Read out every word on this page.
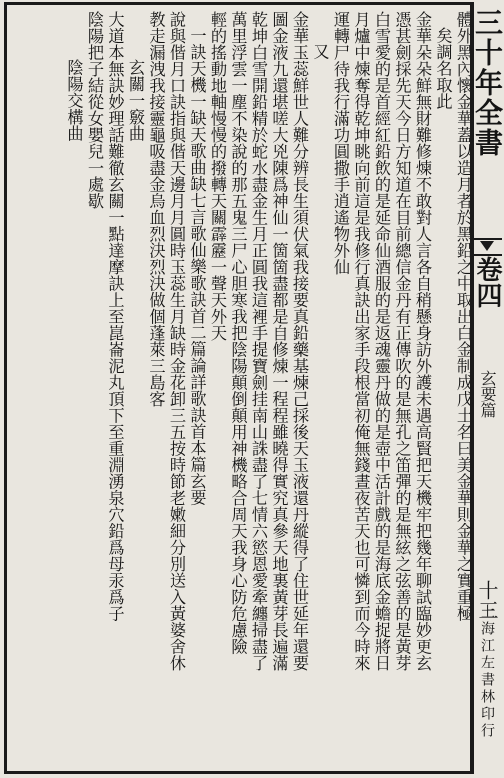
體外黑內懷金華蓋以造月者於黑鉛之中取出白金制成戊土名曰美金華則金華之實重極
矣調名取此
金華朵朵鮮無財難修煉不敢對人言各自稍懸身訪外護未遇高賢把天機牢把幾年聊試臨妙更玄
憑甚劍採先天今日方知道在目前總信金丹有正傳吹的是無孔之笛彈的是無絃之弦善的是黃芽
白雪愛的是首經紅鉛飲的是延命仙酒服的是返魂靈丹做的是壺中活計戲的是海底金蟾捉將日
月爐中煉奪得乾坤眺向前這是我修行真訣出家手段根當初俺無錢晝夜苦天也可憐到而今時來
運轉尸待我行滿功圓撒手逍遙物外仙
又
金華玉蕊鮮世人難分辨長生須伏氣我接要真鉛藥基煉己採後天玉液還丹縱得了住世延年還要
圖金液九還堪嗟大兇陳爲神仙一箇箇盡都是自修煉一程程雖曉得實究真參天地裏黃芽長遍滿
乾坤白雪開鉛精於蛇水盡金生月正圓我這裡手提寶劍挂南山誅盡了七情六慾恩愛牽纏掃盡了
萬里浮雲一塵不染說的那五鬼三尸心胆寒我把陰陽顛倒顛用神機略合周天我身心防危慮險
輕的搖動地軸慢慢的撥轉天關霹靂一聲天外天
一訣天機一缺天歌曲缺七言歌仙樂歌訣首二篇論詳歌訣首本篇玄要
說與偕月口訣指與偕天邊月月圓時玉蕊生月缺時金花卸三五按時節老嫩細分別送入黃婆舍休
教走漏洩我接靈龜吸盡金烏血烈決烈決做個蓬萊三島客
玄關一竅曲
大道本無訣妙理話難徹玄關一點達摩訣上至崑崙泥丸頂下至重淵湧泉穴鉛爲母汞爲子
陰陽把子結從女嬰兒一處歇
陰陽交構曲	三十年全書
卷四
玄要篇
十三
上海江左書林印行
